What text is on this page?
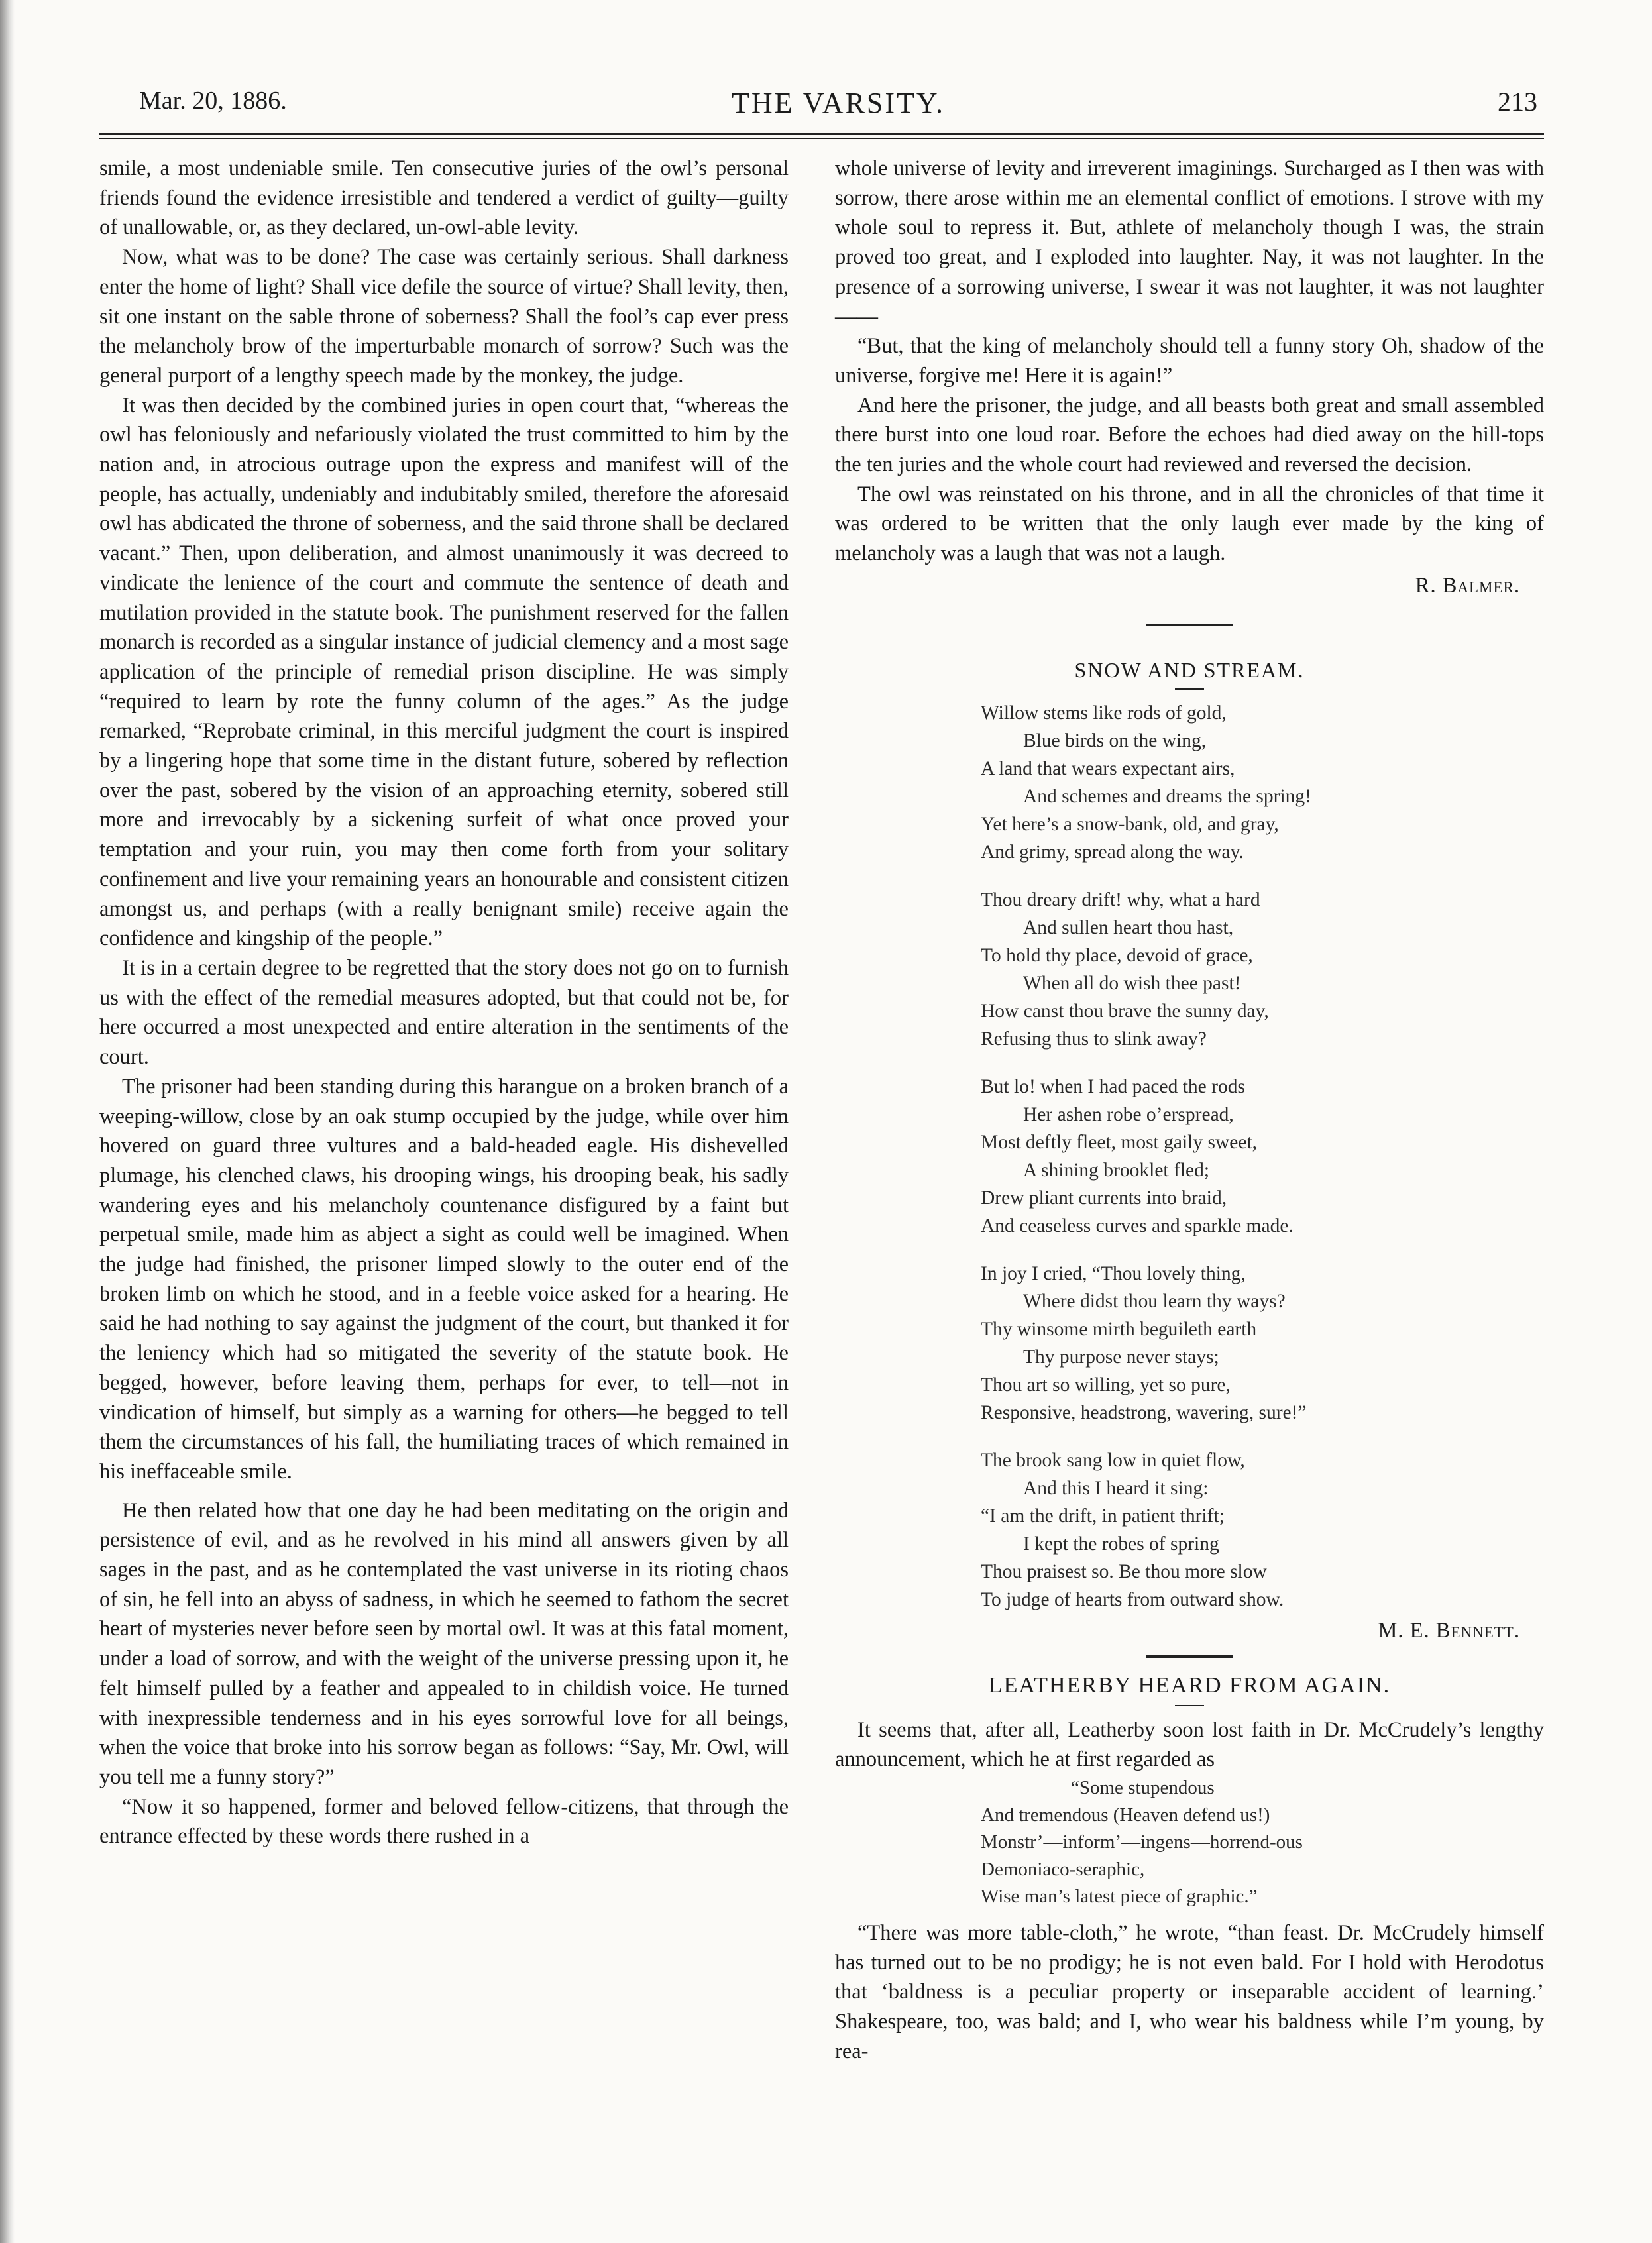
Mar. 20, 1886.	THE VARSITY.	213

smile, a most undeniable smile. Ten consecutive juries of the owl’s personal friends found the evidence irresistible and tendered a verdict of guilty—guilty of unallowable, or, as they declared, un-owl-able levity.

Now, what was to be done? The case was certainly serious. Shall darkness enter the home of light? Shall vice defile the source of virtue? Shall levity, then, sit one instant on the sable throne of soberness? Shall the fool’s cap ever press the melancholy brow of the imperturbable monarch of sorrow? Such was the general purport of a lengthy speech made by the monkey, the judge.

It was then decided by the combined juries in open court that, “whereas the owl has feloniously and nefariously violated the trust committed to him by the nation and, in atrocious outrage upon the express and manifest will of the people, has actually, undeniably and indubitably smiled, therefore the aforesaid owl has abdicated the throne of soberness, and the said throne shall be declared vacant.” Then, upon deliberation, and almost unanimously it was decreed to vindicate the lenience of the court and commute the sentence of death and mutilation provided in the statute book. The punishment reserved for the fallen monarch is recorded as a singular instance of judicial clemency and a most sage application of the principle of remedial prison discipline. He was simply “required to learn by rote the funny column of the ages.” As the judge remarked, “Reprobate criminal, in this merciful judgment the court is inspired by a lingering hope that some time in the distant future, sobered by reflection over the past, sobered by the vision of an approaching eternity, sobered still more and irrevocably by a sickening surfeit of what once proved your temptation and your ruin, you may then come forth from your solitary confinement and live your remaining years an honourable and consistent citizen amongst us, and perhaps (with a really benignant smile) receive again the confidence and kingship of the people.”

It is in a certain degree to be regretted that the story does not go on to furnish us with the effect of the remedial measures adopted, but that could not be, for here occurred a most unexpected and entire alteration in the sentiments of the court.

The prisoner had been standing during this harangue on a broken branch of a weeping-willow, close by an oak stump occupied by the judge, while over him hovered on guard three vultures and a bald-headed eagle. His dishevelled plumage, his clenched claws, his drooping wings, his drooping beak, his sadly wandering eyes and his melancholy countenance disfigured by a faint but perpetual smile, made him as abject a sight as could well be imagined. When the judge had finished, the prisoner limped slowly to the outer end of the broken limb on which he stood, and in a feeble voice asked for a hearing. He said he had nothing to say against the judgment of the court, but thanked it for the leniency which had so mitigated the severity of the statute book. He begged, however, before leaving them, perhaps for ever, to tell—not in vindication of himself, but simply as a warning for others—he begged to tell them the circumstances of his fall, the humiliating traces of which remained in his ineffaceable smile.

He then related how that one day he had been meditating on the origin and persistence of evil, and as he revolved in his mind all answers given by all sages in the past, and as he contemplated the vast universe in its rioting chaos of sin, he fell into an abyss of sadness, in which he seemed to fathom the secret heart of mysteries never before seen by mortal owl. It was at this fatal moment, under a load of sorrow, and with the weight of the universe pressing upon it, he felt himself pulled by a feather and appealed to in childish voice. He turned with inexpressible tenderness and in his eyes sorrowful love for all beings, when the voice that broke into his sorrow began as follows: “Say, Mr. Owl, will you tell me a funny story?”

“Now it so happened, former and beloved fellow-citizens, that through the entrance effected by these words there rushed in a

whole universe of levity and irreverent imaginings. Surcharged as I then was with sorrow, there arose within me an elemental conflict of emotions. I strove with my whole soul to repress it. But, athlete of melancholy though I was, the strain proved too great, and I exploded into laughter. Nay, it was not laughter. In the presence of a sorrowing universe, I swear it was not laughter, it was not laughter ——

“But, that the king of melancholy should tell a funny story Oh, shadow of the universe, forgive me! Here it is again!”

And here the prisoner, the judge, and all beasts both great and small assembled there burst into one loud roar. Before the echoes had died away on the hill-tops the ten juries and the whole court had reviewed and reversed the decision.

The owl was reinstated on his throne, and in all the chronicles of that time it was ordered to be written that the only laugh ever made by the king of melancholy was a laugh that was not a laugh.

R. Balmer.
SNOW AND STREAM.
Willow stems like rods of gold,
Blue birds on the wing,
A land that wears expectant airs,
And schemes and dreams the spring!
Yet here’s a snow-bank, old, and gray,
And grimy, spread along the way.
Thou dreary drift! why, what a hard
And sullen heart thou hast,
To hold thy place, devoid of grace,
When all do wish thee past!
How canst thou brave the sunny day,
Refusing thus to slink away?
But lo! when I had paced the rods
Her ashen robe o’erspread,
Most deftly fleet, most gaily sweet,
A shining brooklet fled;
Drew pliant currents into braid,
And ceaseless curves and sparkle made.
In joy I cried, “Thou lovely thing,
Where didst thou learn thy ways?
Thy winsome mirth beguileth earth
Thy purpose never stays;
Thou art so willing, yet so pure,
Responsive, headstrong, wavering, sure!”
The brook sang low in quiet flow,
And this I heard it sing:
“I am the drift, in patient thrift;
I kept the robes of spring
Thou praisest so. Be thou more slow
To judge of hearts from outward show.
M. E. Bennett.
LEATHERBY HEARD FROM AGAIN.

It seems that, after all, Leatherby soon lost faith in Dr. McCrudely’s lengthy announcement, which he at first regarded as

“Some stupendous
And tremendous (Heaven defend us!)
Monstr’—inform’—ingens—horrend-ous
Demoniaco-seraphic,
Wise man’s latest piece of graphic.”

“There was more table-cloth,” he wrote, “than feast. Dr. McCrudely himself has turned out to be no prodigy; he is not even bald. For I hold with Herodotus that ‘baldness is a peculiar property or inseparable accident of learning.’ Shakespeare, too, was bald; and I, who wear his baldness while I’m young, by rea-
